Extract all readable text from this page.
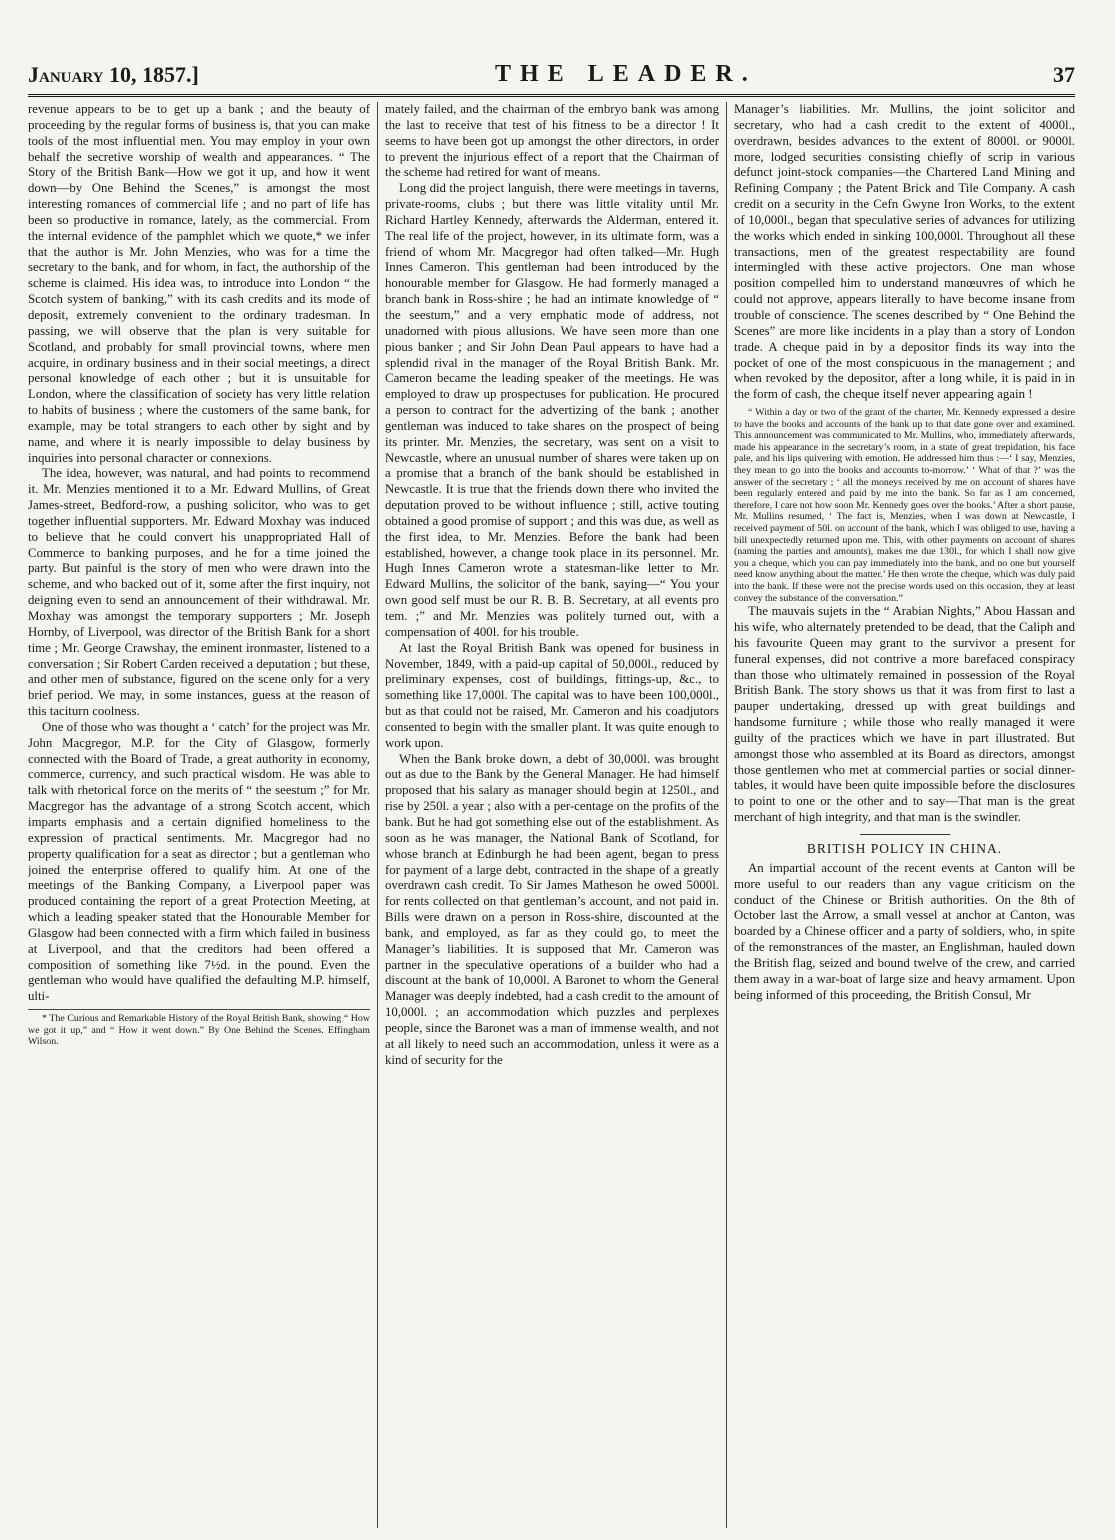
January 10, 1857.]	THE LEADER.	37

revenue appears to be to get up a bank ; and the beauty of proceeding by the regular forms of business is, that you can make tools of the most influential men. You may employ in your own behalf the secretive worship of wealth and appearances. “ The Story of the British Bank—How we got it up, and how it went down—by One Behind the Scenes,” is amongst the most interesting romances of commercial life ; and no part of life has been so productive in romance, lately, as the commercial. From the internal evidence of the pamphlet which we quote,* we infer that the author is Mr. John Menzies, who was for a time the secretary to the bank, and for whom, in fact, the authorship of the scheme is claimed. His idea was, to introduce into London “ the Scotch system of banking,” with its cash credits and its mode of deposit, extremely convenient to the ordinary tradesman. In passing, we will observe that the plan is very suitable for Scotland, and probably for small provincial towns, where men acquire, in ordinary business and in their social meetings, a direct personal knowledge of each other ; but it is unsuitable for London, where the classification of society has very little relation to habits of business ; where the customers of the same bank, for example, may be total strangers to each other by sight and by name, and where it is nearly impossible to delay business by inquiries into personal character or connexions.

The idea, however, was natural, and had points to recommend it. Mr. Menzies mentioned it to a Mr. Edward Mullins, of Great James-street, Bedford-row, a pushing solicitor, who was to get together influential supporters. Mr. Edward Moxhay was induced to believe that he could convert his unappropriated Hall of Commerce to banking purposes, and he for a time joined the party. But painful is the story of men who were drawn into the scheme, and who backed out of it, some after the first inquiry, not deigning even to send an announcement of their withdrawal. Mr. Moxhay was amongst the temporary supporters ; Mr. Joseph Hornby, of Liverpool, was director of the British Bank for a short time ; Mr. George Crawshay, the eminent ironmaster, listened to a conversation ; Sir Robert Carden received a deputation ; but these, and other men of substance, figured on the scene only for a very brief period. We may, in some instances, guess at the reason of this taciturn coolness.

One of those who was thought a ‘ catch’ for the project was Mr. John Macgregor, M.P. for the City of Glasgow, formerly connected with the Board of Trade, a great authority in economy, commerce, currency, and such practical wisdom. He was able to talk with rhetorical force on the merits of “ the seestum ;” for Mr. Macgregor has the advantage of a strong Scotch accent, which imparts emphasis and a certain dignified homeliness to the expression of practical sentiments. Mr. Macgregor had no property qualification for a seat as director ; but a gentleman who joined the enterprise offered to qualify him. At one of the meetings of the Banking Company, a Liverpool paper was produced containing the report of a great Protection Meeting, at which a leading speaker stated that the Honourable Member for Glasgow had been connected with a firm which failed in business at Liverpool, and that the creditors had been offered a composition of something like 7½d. in the pound. Even the gentleman who would have qualified the defaulting M.P. himself, ulti-

* The Curious and Remarkable History of the Royal British Bank, showing “ How we got it up,” and “ How it went down.” By One Behind the Scenes. Effingham Wilson.

mately failed, and the chairman of the embryo bank was among the last to receive that test of his fitness to be a director ! It seems to have been got up amongst the other directors, in order to prevent the injurious effect of a report that the Chairman of the scheme had retired for want of means.

Long did the project languish, there were meetings in taverns, private-rooms, clubs ; but there was little vitality until Mr. Richard Hartley Kennedy, afterwards the Alderman, entered it. The real life of the project, however, in its ultimate form, was a friend of whom Mr. Macgregor had often talked—Mr. Hugh Innes Cameron. This gentleman had been introduced by the honourable member for Glasgow. He had formerly managed a branch bank in Ross-shire ; he had an intimate knowledge of “ the seestum,” and a very emphatic mode of address, not unadorned with pious allusions. We have seen more than one pious banker ; and Sir John Dean Paul appears to have had a splendid rival in the manager of the Royal British Bank. Mr. Cameron became the leading speaker of the meetings. He was employed to draw up prospectuses for publication. He procured a person to contract for the advertizing of the bank ; another gentleman was induced to take shares on the prospect of being its printer. Mr. Menzies, the secretary, was sent on a visit to Newcastle, where an unusual number of shares were taken up on a promise that a branch of the bank should be established in Newcastle. It is true that the friends down there who invited the deputation proved to be without influence ; still, active touting obtained a good promise of support ; and this was due, as well as the first idea, to Mr. Menzies. Before the bank had been established, however, a change took place in its personnel. Mr. Hugh Innes Cameron wrote a statesman-like letter to Mr. Edward Mullins, the solicitor of the bank, saying—“ You your own good self must be our R. B. B. Secretary, at all events pro tem. ;” and Mr. Menzies was politely turned out, with a compensation of 400l. for his trouble.

At last the Royal British Bank was opened for business in November, 1849, with a paid-up capital of 50,000l., reduced by preliminary expenses, cost of buildings, fittings-up, &c., to something like 17,000l. The capital was to have been 100,000l., but as that could not be raised, Mr. Cameron and his coadjutors consented to begin with the smaller plant. It was quite enough to work upon.

When the Bank broke down, a debt of 30,000l. was brought out as due to the Bank by the General Manager. He had himself proposed that his salary as manager should begin at 1250l., and rise by 250l. a year ; also with a per-centage on the profits of the bank. But he had got something else out of the establishment. As soon as he was manager, the National Bank of Scotland, for whose branch at Edinburgh he had been agent, began to press for payment of a large debt, contracted in the shape of a greatly overdrawn cash credit. To Sir James Matheson he owed 5000l. for rents collected on that gentleman’s account, and not paid in. Bills were drawn on a person in Ross-shire, discounted at the bank, and employed, as far as they could go, to meet the Manager’s liabilities. It is supposed that Mr. Cameron was partner in the speculative operations of a builder who had a discount at the bank of 10,000l. A Baronet to whom the General Manager was deeply indebted, had a cash credit to the amount of 10,000l. ; an accommodation which puzzles and perplexes people, since the Baronet was a man of immense wealth, and not at all likely to need such an accommodation, unless it were as a kind of security for the

Manager’s liabilities. Mr. Mullins, the joint solicitor and secretary, who had a cash credit to the extent of 4000l., overdrawn, besides advances to the extent of 8000l. or 9000l. more, lodged securities consisting chiefly of scrip in various defunct joint-stock companies—the Chartered Land Mining and Refining Company ; the Patent Brick and Tile Company. A cash credit on a security in the Cefn Gwyne Iron Works, to the extent of 10,000l., began that speculative series of advances for utilizing the works which ended in sinking 100,000l. Throughout all these transactions, men of the greatest respectability are found intermingled with these active projectors. One man whose position compelled him to understand manœuvres of which he could not approve, appears literally to have become insane from trouble of conscience. The scenes described by “ One Behind the Scenes” are more like incidents in a play than a story of London trade. A cheque paid in by a depositor finds its way into the pocket of one of the most conspicuous in the management ; and when revoked by the depositor, after a long while, it is paid in in the form of cash, the cheque itself never appearing again !

“ Within a day or two of the grant of the charter, Mr. Kennedy expressed a desire to have the books and accounts of the bank up to that date gone over and examined. This announcement was communicated to Mr. Mullins, who, immediately afterwards, made his appearance in the secretary’s room, in a state of great trepidation, his face pale, and his lips quivering with emotion. He addressed him thus :—‘ I say, Menzies, they mean to go into the books and accounts to-morrow.’ ‘ What of that ?’ was the answer of the secretary ; ‘ all the moneys received by me on account of shares have been regularly entered and paid by me into the bank. So far as I am concerned, therefore, I care not how soon Mr. Kennedy goes over the books.’ After a short pause, Mr. Mullins resumed, ‘ The fact is, Menzies, when I was down at Newcastle, I received payment of 50l. on account of the bank, which I was obliged to use, having a bill unexpectedly returned upon me. This, with other payments on account of shares (naming the parties and amounts), makes me due 130l., for which I shall now give you a cheque, which you can pay immediately into the bank, and no one but yourself need know anything about the matter.’ He then wrote the cheque, which was duly paid into the bank. If these were not the precise words used on this occasion, they at least convey the substance of the conversation.”

The mauvais sujets in the “ Arabian Nights,” Abou Hassan and his wife, who alternately pretended to be dead, that the Caliph and his favourite Queen may grant to the survivor a present for funeral expenses, did not contrive a more barefaced conspiracy than those who ultimately remained in possession of the Royal British Bank. The story shows us that it was from first to last a pauper undertaking, dressed up with great buildings and handsome furniture ; while those who really managed it were guilty of the practices which we have in part illustrated. But amongst those who assembled at its Board as directors, amongst those gentlemen who met at commercial parties or social dinner-tables, it would have been quite impossible before the disclosures to point to one or the other and to say—That man is the great merchant of high integrity, and that man is the swindler.

BRITISH POLICY IN CHINA.

An impartial account of the recent events at Canton will be more useful to our readers than any vague criticism on the conduct of the Chinese or British authorities. On the 8th of October last the Arrow, a small vessel at anchor at Canton, was boarded by a Chinese officer and a party of soldiers, who, in spite of the remonstrances of the master, an Englishman, hauled down the British flag, seized and bound twelve of the crew, and carried them away in a war-boat of large size and heavy armament. Upon being informed of this proceeding, the British Consul, Mr
